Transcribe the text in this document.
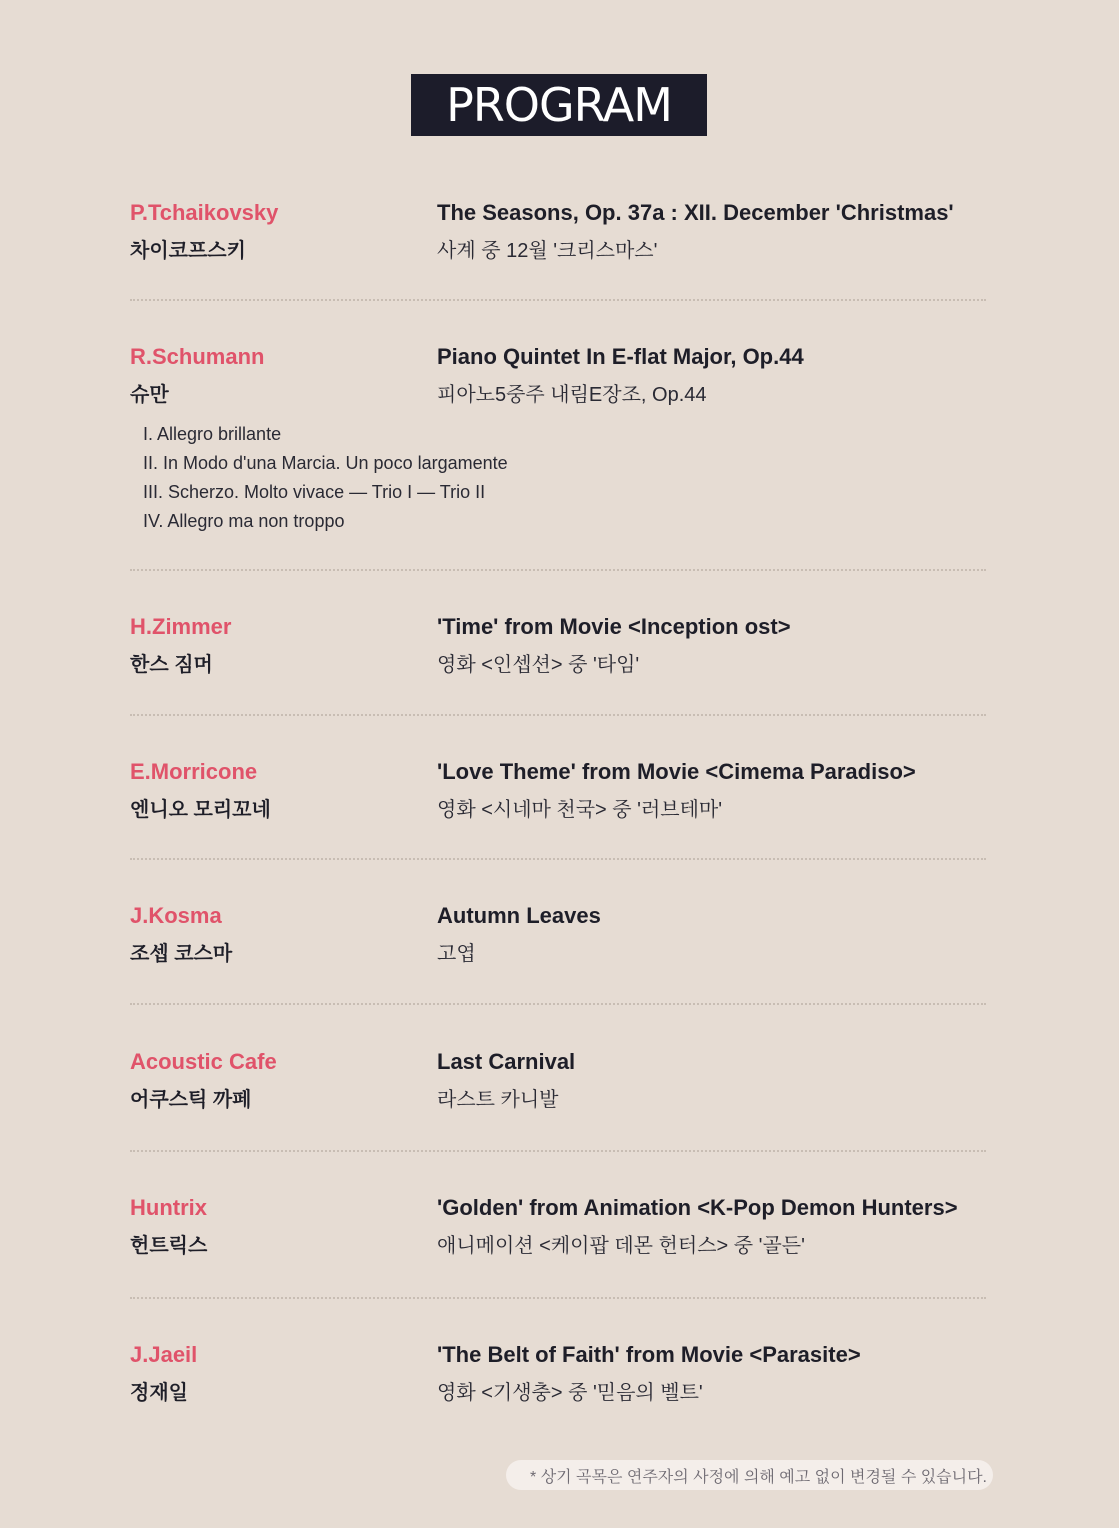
PROGRAM
P.Tchaikovsky
차이코프스키
The Seasons, Op. 37a : XII. December 'Christmas'
사계 중 12월 '크리스마스'
R.Schumann
슈만
Piano Quintet In E-flat Major, Op.44
피아노5중주 내림E장조, Op.44
I. Allegro brillante
II. In Modo d'una Marcia. Un poco largamente
III. Scherzo. Molto vivace — Trio I — Trio II
IV. Allegro ma non troppo
H.Zimmer
한스 짐머
'Time' from Movie <Inception ost>
영화 <인셉션> 중 '타임'
E.Morricone
엔니오 모리꼬네
'Love Theme' from Movie <Cimema Paradiso>
영화 <시네마 천국> 중 '러브테마'
J.Kosma
조셉 코스마
Autumn Leaves
고엽
Acoustic Cafe
어쿠스틱 까페
Last Carnival
라스트 카니발
Huntrix
헌트릭스
'Golden' from Animation <K-Pop Demon Hunters>
애니메이션 <케이팝 데몬 헌터스> 중 '골든'
J.Jaeil
정재일
'The Belt of Faith' from Movie <Parasite>
영화 <기생충> 중 '믿음의 벨트'
* 상기 곡목은 연주자의 사정에 의해 예고 없이 변경될 수 있습니다.
